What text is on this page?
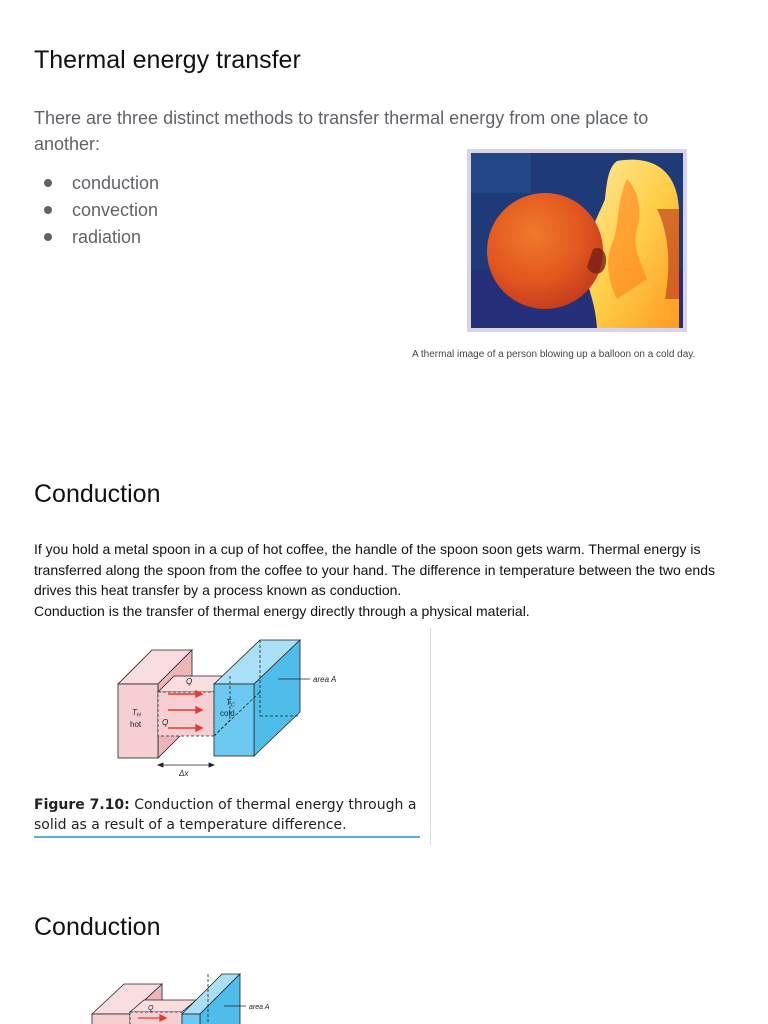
Thermal energy transfer
There are three distinct methods to transfer thermal energy from one place to another:
conduction
convection
radiation
A thermal image of a person blowing up a balloon on a cold day.
Conduction
If you hold a metal spoon in a cup of hot coffee, the handle of the spoon soon gets warm. Thermal energy is transferred along the spoon from the coffee to your hand. The difference in temperature between the two ends drives this heat transfer by a process known as conduction.
Conduction is the transfer of thermal energy directly through a physical material.
Q
Q
TH
hot
TC
cold
area A
Δx
Figure 7.10: Conduction of thermal energy through a solid as a result of a temperature difference.
Conduction
Q	area A
